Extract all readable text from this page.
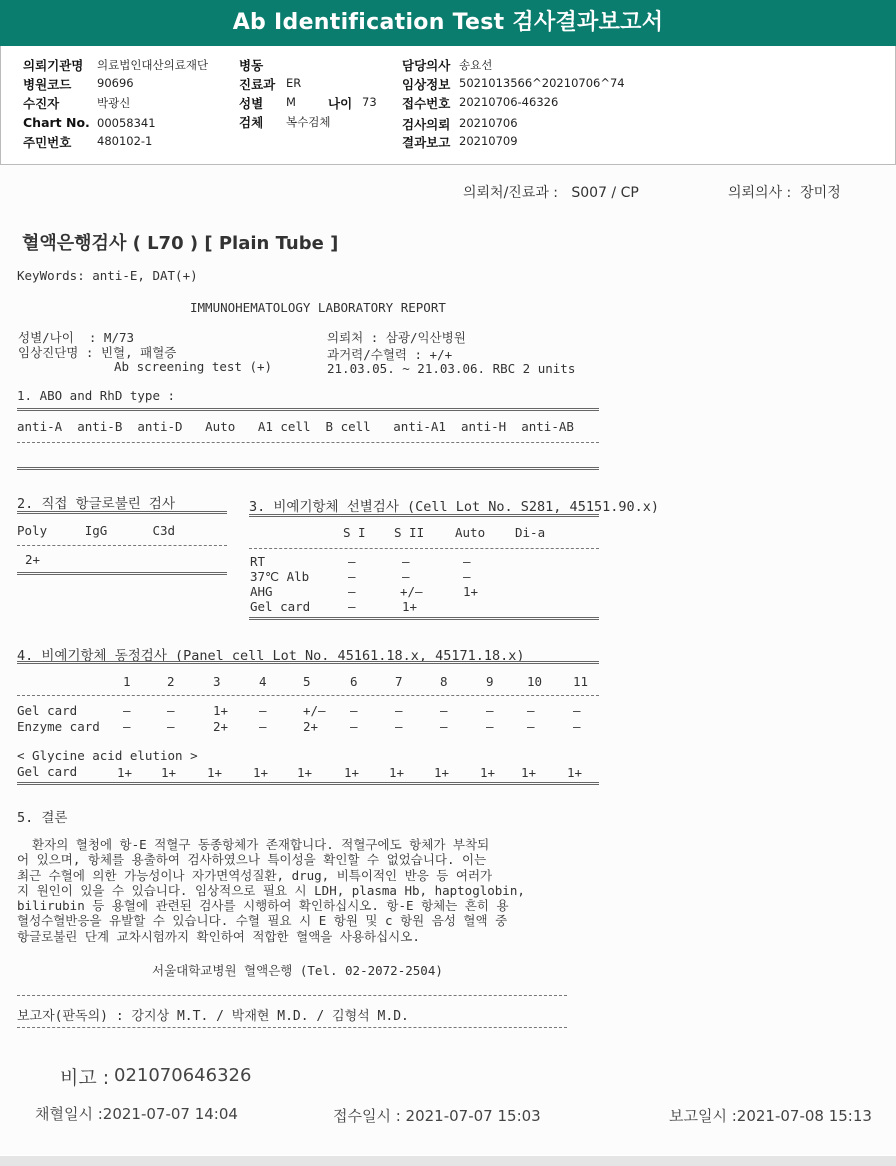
Ab Identification Test 검사결과보고서
의뢰기관명 의료법인대산의료재단
병원코드 90696
수진자	박광신
Chart No. 00058341
주민번호 480102-1
병동
진료과 ER
성별 M	나이 73
검체 복수검체
담당의사 송요선
임상정보 5021013566^20210706^74
접수번호 20210706-46326
검사의뢰 20210706
결과보고 20210709
의뢰처/진료과 :   S007 / CP	의뢰의사 :  장미정
혈액은행검사 ( L70 ) [ Plain Tube ]
KeyWords: anti-E, DAT(+)
IMMUNOHEMATOLOGY LABORATORY REPORT
성별/나이  : M/73
임상진단명 : 빈혈, 패혈증
Ab screening test (+)
의뢰처 : 삼광/익산병원
과거력/수혈력 : +/+
21.03.05. ~ 21.03.06. RBC 2 units
1. ABO and RhD type :
anti-A  anti-B  anti-D   Auto   A1 cell  B cell   anti-A1  anti-H  anti-AB
2. 직접 항글로불린 검사
Poly     IgG      C3d
2+
3. 비예기항체 선별검사 (Cell Lot No. S281, 45151.90.x)
S I S II Auto Di-a
RT	–	–	–
37℃ Alb	–	–	–
AHG	–	+/–	1+
Gel card	–	1+
4. 비예기항체 동정검사 (Panel cell Lot No. 45161.18.x, 45171.18.x)
1	2	3	4	5	6	7	8	9	10 11
Gel card	–	–	1+ –	+/– –	–	–	–	–	–
Enzyme card –	–	2+ –	2+	–	–	–	–	–	–
Gel card	1+ 1+ 1+ 1+ 1+	1+ 1+ 1+ 1+ 1+ 1+
< Glycine acid elution >
5. 결론
환자의 혈청에 항-E 적혈구 동종항체가 존재합니다. 적혈구에도 항체가 부착되
어 있으며, 항체를 용출하여 검사하였으나 특이성을 확인할 수 없었습니다. 이는
최근 수혈에 의한 가능성이나 자가면역성질환, drug, 비특이적인 반응 등 여러가
지 원인이 있을 수 있습니다. 임상적으로 필요 시 LDH, plasma Hb, haptoglobin,
bilirubin 등 용혈에 관련된 검사를 시행하여 확인하십시오. 항-E 항체는 흔히 용
혈성수혈반응을 유발할 수 있습니다. 수혈 필요 시 E 항원 및 c 항원 음성 혈액 중
항글로불린 단계 교차시험까지 확인하여 적합한 혈액을 사용하십시오.
서울대학교병원 혈액은행 (Tel. 02-2072-2504)
보고자(판독의) : 강지상 M.T. / 박재현 M.D. / 김형석 M.D.
비고 : 021070646326
채혈일시 :2021-07-07 14:04	접수일시 : 2021-07-07 15:03	보고일시 :2021-07-08 15:13
